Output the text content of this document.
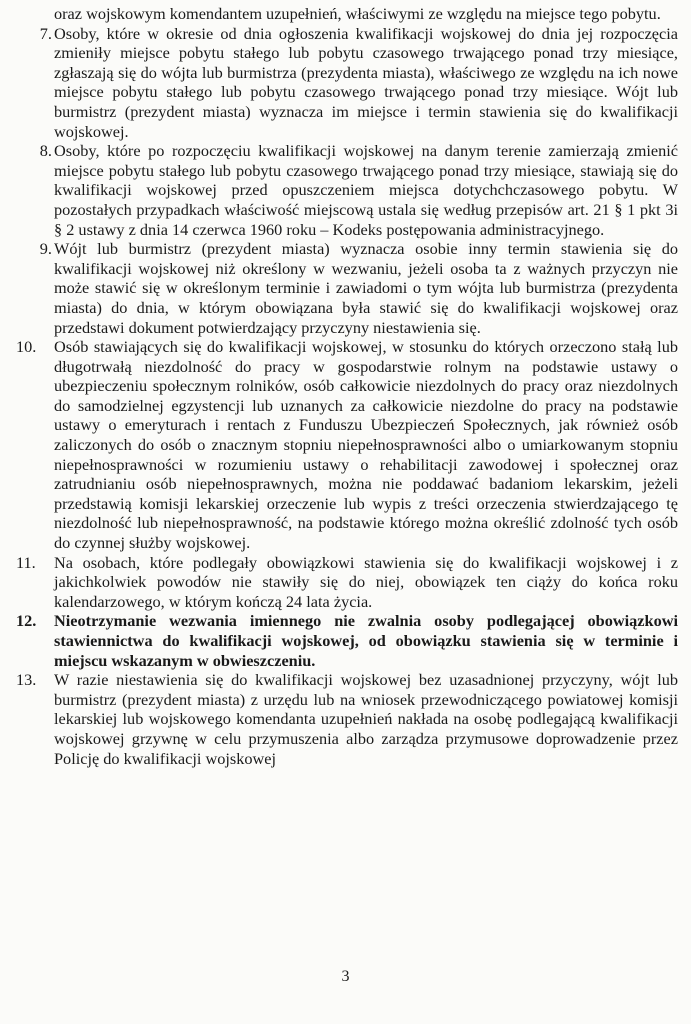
oraz wojskowym komendantem uzupełnień, właściwymi ze względu na miejsce tego pobytu.
7. Osoby, które w okresie od dnia ogłoszenia kwalifikacji wojskowej do dnia jej rozpoczęcia zmieniły miejsce pobytu stałego lub pobytu czasowego trwającego ponad trzy miesiące, zgłaszają się do wójta lub burmistrza (prezydenta miasta), właściwego ze względu na ich nowe miejsce pobytu stałego lub pobytu czasowego trwającego ponad trzy miesiące. Wójt lub burmistrz (prezydent miasta) wyznacza im miejsce i termin stawienia się do kwalifikacji wojskowej.
8. Osoby, które po rozpoczęciu kwalifikacji wojskowej na danym terenie zamierzają zmienić miejsce pobytu stałego lub pobytu czasowego trwającego ponad trzy miesiące, stawiają się do kwalifikacji wojskowej przed opuszczeniem miejsca dotychchczasowego pobytu. W pozostałych przypadkach właściwość miejscową ustala się według przepisów art. 21 § 1 pkt 3i § 2 ustawy z dnia 14 czerwca 1960 roku – Kodeks postępowania administracyjnego.
9. Wójt lub burmistrz (prezydent miasta) wyznacza osobie inny termin stawienia się do kwalifikacji wojskowej niż określony w wezwaniu, jeżeli osoba ta z ważnych przyczyn nie może stawić się w określonym terminie i zawiadomi o tym wójta lub burmistrza (prezydenta miasta) do dnia, w którym obowiązana była stawić się do kwalifikacji wojskowej oraz przedstawi dokument potwierdzający przyczyny niestawienia się.
10. Osób stawiających się do kwalifikacji wojskowej, w stosunku do których orzeczono stałą lub długotrwałą niezdolność do pracy w gospodarstwie rolnym na podstawie ustawy o ubezpieczeniu społecznym rolników, osób całkowicie niezdolnych do pracy oraz niezdolnych do samodzielnej egzystencji lub uznanych za całkowicie niezdolne do pracy na podstawie ustawy o emeryturach i rentach z Funduszu Ubezpieczeń Społecznych, jak również osób zaliczonych do osób o znacznym stopniu niepełnosprawności albo o umiarkowanym stopniu niepełnosprawności w rozumieniu ustawy o rehabilitacji zawodowej i społecznej oraz zatrudnianiu osób niepełnosprawnych, można nie poddawać badaniom lekarskim, jeżeli przedstawią komisji lekarskiej orzeczenie lub wypis z treści orzeczenia stwierdzającego tę niezdolność lub niepełnosprawność, na podstawie którego można określić zdolność tych osób do czynnej służby wojskowej.
11. Na osobach, które podlegały obowiązkowi stawienia się do kwalifikacji wojskowej i z jakichkolwiek powodów nie stawiły się do niej, obowiązek ten ciąży do końca roku kalendarzowego, w którym kończą 24 lata życia.
12. Nieotrzymanie wezwania imiennego nie zwalnia osoby podlegającej obowiązkowi stawiennictwa do kwalifikacji wojskowej, od obowiązku stawienia się w terminie i miejscu wskazanym w obwieszczeniu.
13. W razie niestawienia się do kwalifikacji wojskowej bez uzasadnionej przyczyny, wójt lub burmistrz (prezydent miasta) z urzędu lub na wniosek przewodniczącego powiatowej komisji lekarskiej lub wojskowego komendanta uzupełnień nakłada na osobę podlegającą kwalifikacji wojskowej grzywnę w celu przymuszenia albo zarządza przymusowe doprowadzenie przez Policję do kwalifikacji wojskowej
3
